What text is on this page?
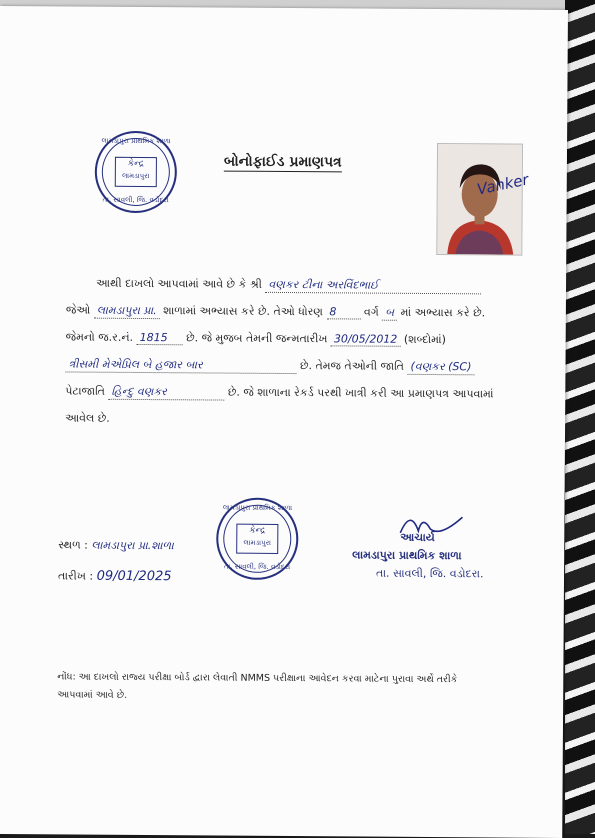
લામડાપુરા પ્રાથમિક શાળા
કેન્દ્ર
લામડાપુરા
તા. સાવલી, જિ. વડોદરા
બોનોફાઈડ પ્રમાણપત્ર
Vanker
આથી દાખલો આપવામાં આવે છે કે શ્રી વણકર ટીના અરવિંદભાઈ
જેઓ લામડાપુરા પ્રા. શાળામાં અભ્યાસ કરે છે. તેઓ ધોરણ 8 વર્ગ બ માં અભ્યાસ કરે છે.
જેમનો જ.ર.નં. 1815 છે. જે મુજબ તેમની જન્મતારીખ 30/05/2012 (શબ્દોમાં)
ત્રીસમી મેએપ્રિલ બે હજાર બાર	છે. તેમજ તેઓની જાતિ (વણકર (SC)
પેટાજાતિ હિન્દુ વણકર	છે. જે શાળાના રેકર્ડ પરથી ખાત્રી કરી આ પ્રમાણપત્ર આપવામાં
આવેલ છે.
લામડાપુરા પ્રાથમિક શાળા
કેન્દ્ર
લામડાપુરા
તા. સાવલી, જિ. વડોદરા
સ્થળ : લામડાપુરા પ્રા.શાળા
તારીખ : 09/01/2025
આચાર્ય
લામડાપુરા પ્રાથમિક શાળા
તા. સાવલી, જિ. વડોદરા.
નોંધ: આ દાખલો રાજ્ય પરીક્ષા બોર્ડ દ્વારા લેવાતી NMMS પરીક્ષાના આવેદન કરવા માટેના પુરાવા અર્થે તરીકે
આપવામાં આવે છે.
